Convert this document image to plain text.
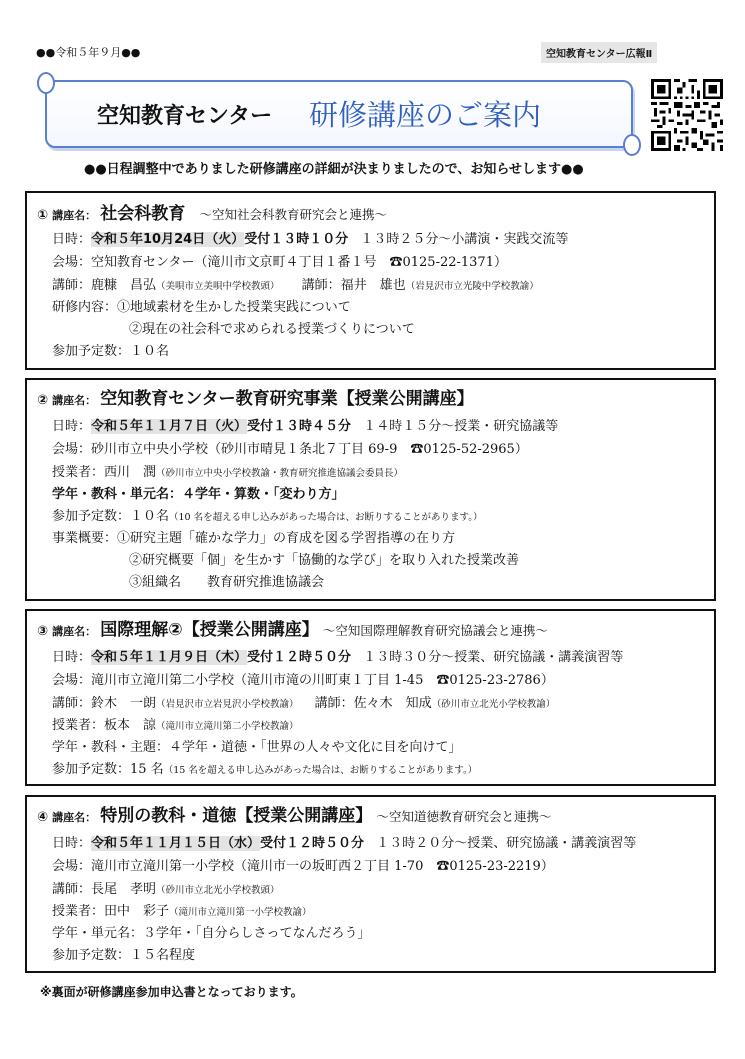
●●令和５年９月●●	空知教育センター広報Ⅱ
空知教育センター 研修講座のご案内
●●日程調整中でありました研修講座の詳細が決まりましたので、お知らせします●●
① 講座名： 社会科教育 ～空知社会科教育研究会と連携～
日時：令和５年10月24日（火）受付１３時１０分 １３時２５分～小講演・実践交流等
会場：空知教育センター（滝川市文京町４丁目１番１号　☎0125-22-1371）
講師：鹿糠　昌弘（美唄市立美唄中学校教頭） 講師：福井　雄也（岩見沢市立光陵中学校教諭）
研修内容：①地域素材を生かした授業実践について
②現在の社会科で求められる授業づくりについて
参加予定数：１０名
② 講座名： 空知教育センター教育研究事業【授業公開講座】
日時：令和５年１１月７日（火）受付１３時４５分 １４時１５分～授業・研究協議等
会場：砂川市立中央小学校（砂川市晴見１条北７丁目 69-9　☎0125-52-2965）
授業者：西川　潤（砂川市立中央小学校教諭・教育研究推進協議会委員長）
学年・教科・単元名：４学年・算数・「変わり方」
参加予定数：１０名（10 名を超える申し込みがあった場合は、お断りすることがあります。）
事業概要：①研究主題「確かな学力」の育成を図る学習指導の在り方
②研究概要「個」を生かす「協働的な学び」を取り入れた授業改善
③組織名　　教育研究推進協議会
③ 講座名： 国際理解②【授業公開講座】 ～空知国際理解教育研究協議会と連携～
日時：令和５年１１月９日（木）受付１２時５０分 １３時３０分～授業、研究協議・講義演習等
会場：滝川市立滝川第二小学校（滝川市滝の川町東１丁目 1-45　☎0125-23-2786）
講師：鈴木　一朗（岩見沢市立岩見沢小学校教諭） 講師：佐々木　知成（砂川市立北光小学校教諭）
授業者：板本　諒（滝川市立滝川第二小学校教諭）
学年・教科・主題：４学年・道徳・「世界の人々や文化に目を向けて」
参加予定数：15 名（15 名を超える申し込みがあった場合は、お断りすることがあります。）
④ 講座名： 特別の教科・道徳【授業公開講座】 ～空知道徳教育研究会と連携～
日時：令和５年１１月１５日（水）受付１２時５０分 １３時２０分～授業、研究協議・講義演習等
会場：滝川市立滝川第一小学校（滝川市一の坂町西２丁目 1-70　☎0125-23-2219）
講師：長尾　孝明（砂川市立北光小学校教頭）
授業者：田中　彩子（滝川市立滝川第一小学校教諭）
学年・単元名：３学年・「自分らしさってなんだろう」
参加予定数：１５名程度
※裏面が研修講座参加申込書となっております。
